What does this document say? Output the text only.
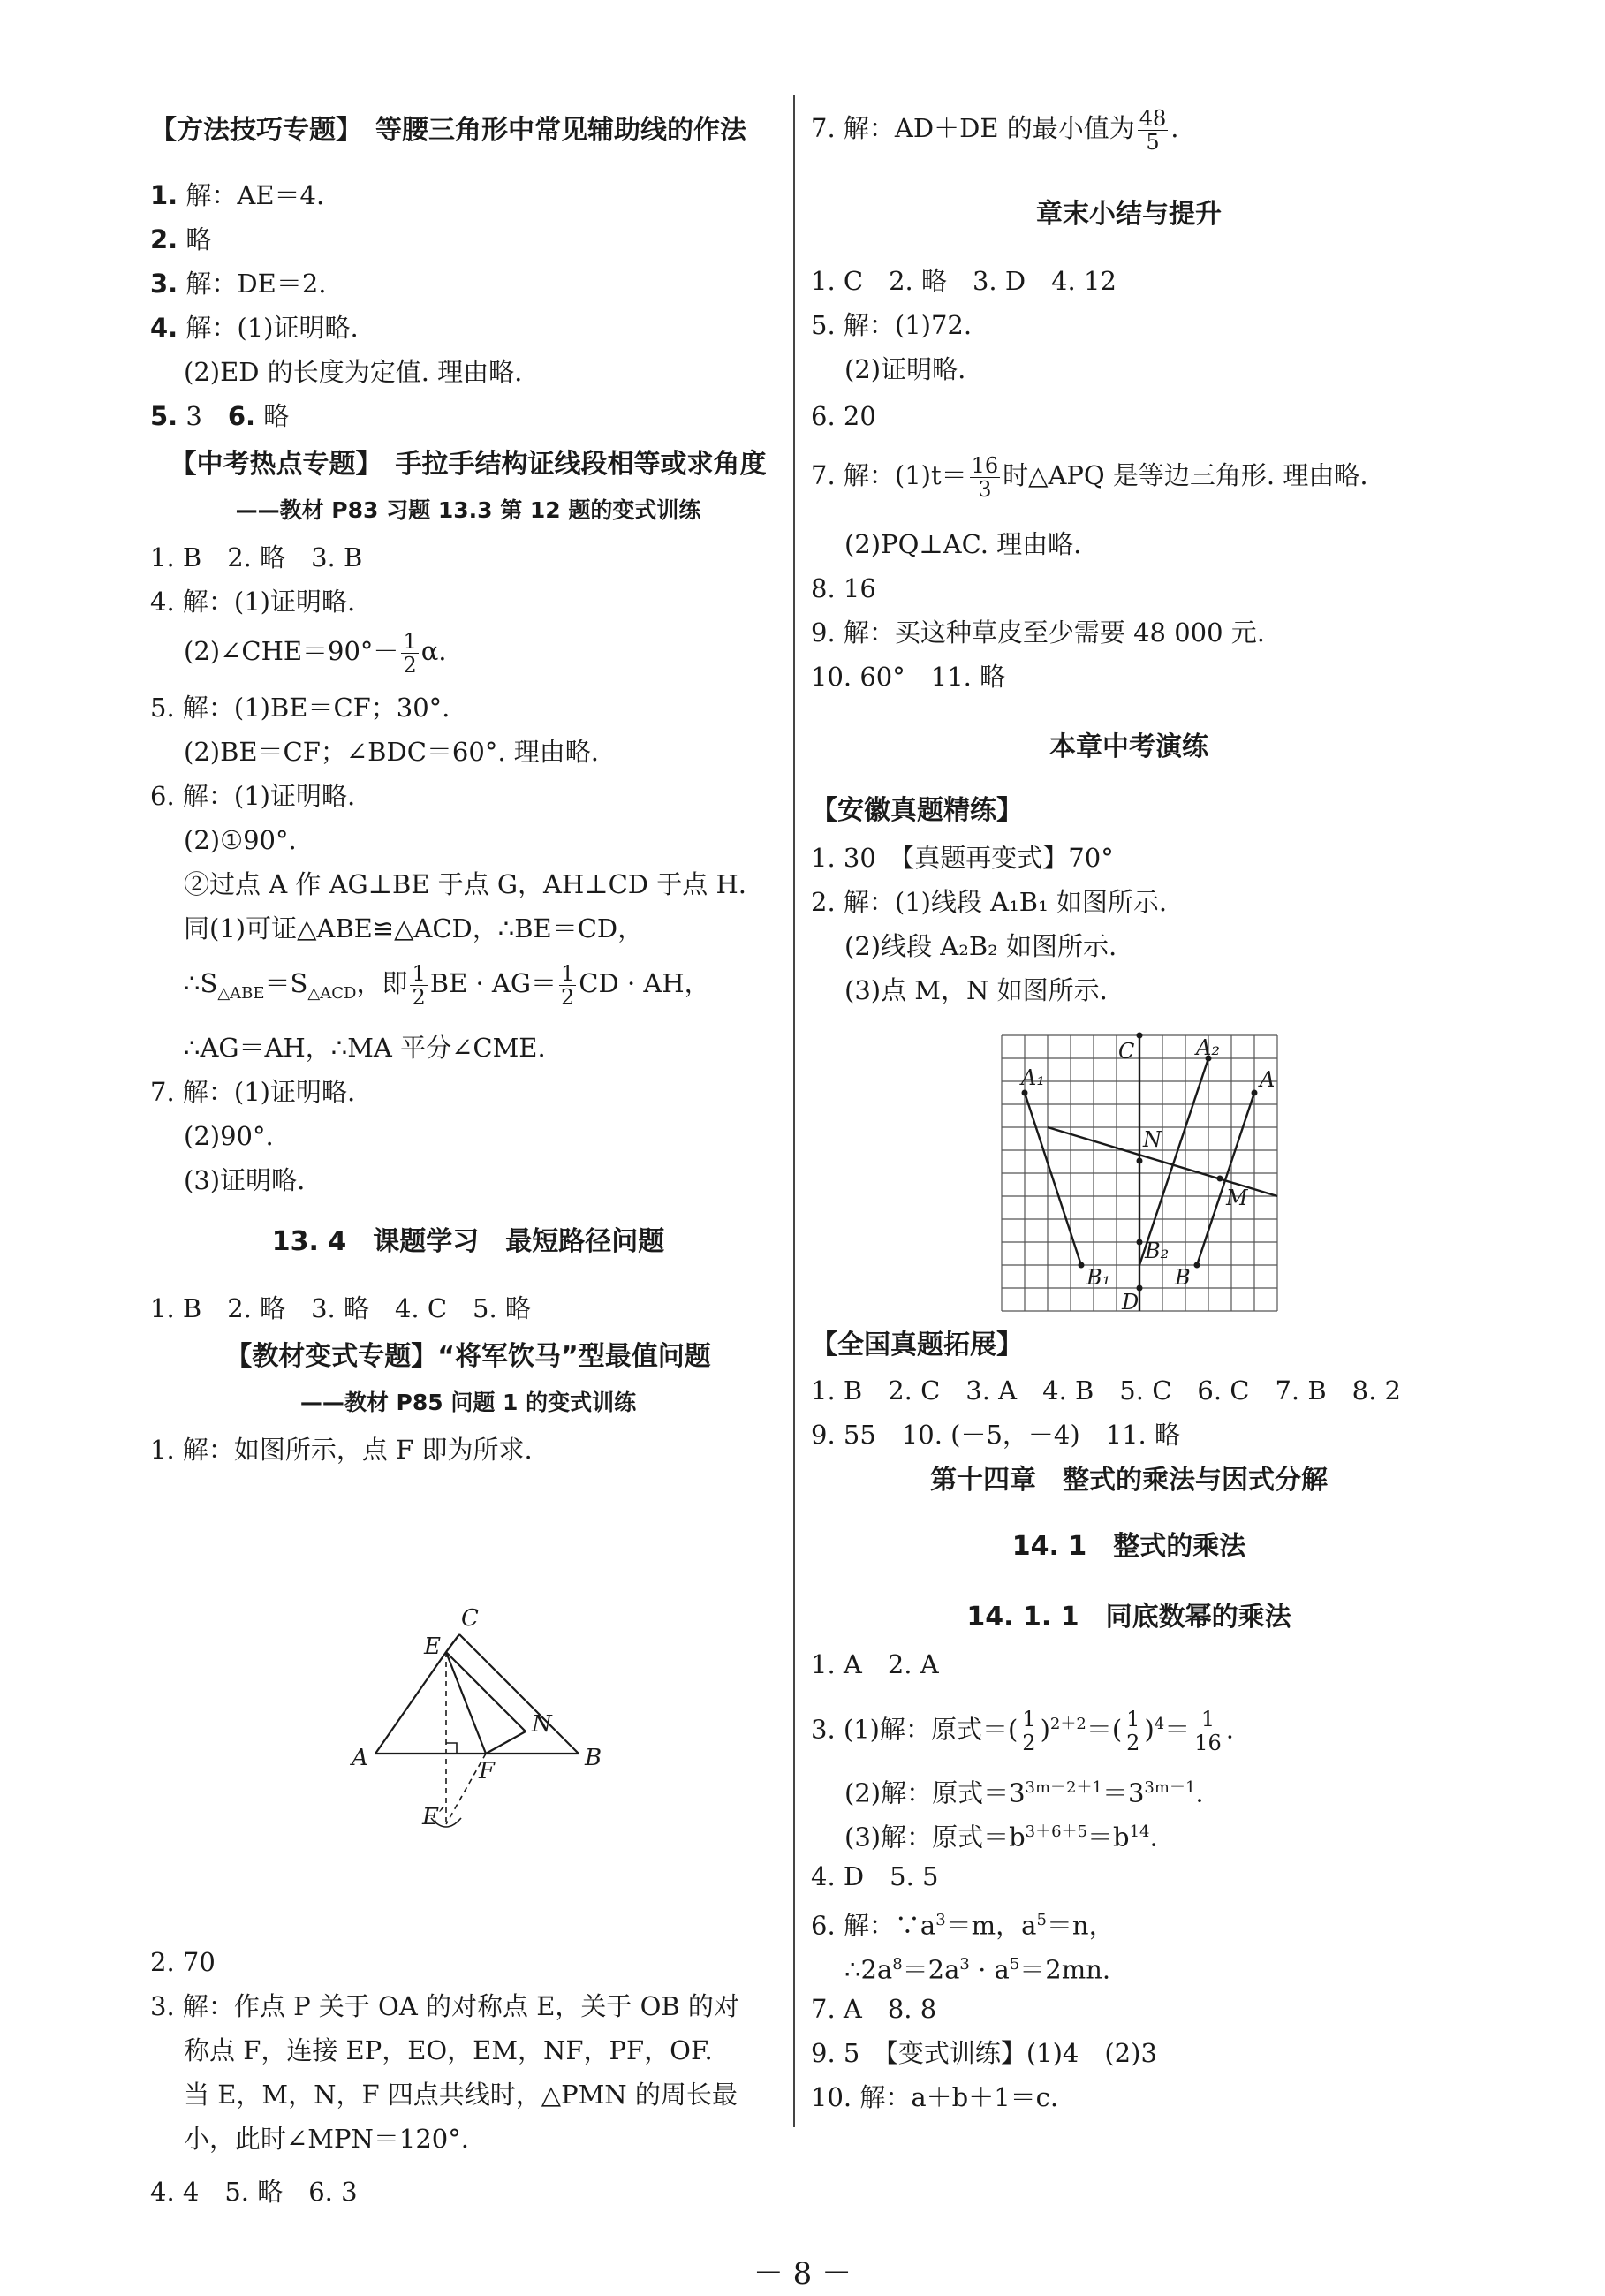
【方法技巧专题】　等腰三角形中常见辅助线的作法
1. 解：AE＝4.
2. 略
3. 解：DE＝2.
4. 解：(1)证明略.
(2)ED 的长度为定值. 理由略.
5. 3　6. 略
【中考热点专题】　手拉手结构证线段相等或求角度
——教材 P83 习题 13.3 第 12 题的变式训练
1. B　2. 略　3. B
4. 解：(1)证明略.
(2)∠CHE＝90°－ $\frac{1}{2} \alpha$.
5. 解：(1)BE＝CF；30°.
(2)BE＝CF；∠BDC＝60°. 理由略.
6. 解：(1)证明略.
(2)①90°.
②过点 A 作 AG⊥BE 于点 G，AH⊥CD 于点 H.
同(1)可证△ABE≌△ACD，∴BE＝CD，
$\therefore S_{\triangle ABE}=S_{\triangle ACD}$，即 $\frac{1}{2}$ BE · $AG= \frac{1}{2}$ CD · AH，
∴AG＝AH，∴MA 平分∠CME.
7. 解：(1)证明略.
(2)90°.
(3)证明略.
13. 4　课题学习　最短路径问题
1. B　2. 略　3. 略　4. C　5. 略
【教材变式专题】“将军饮马”型最值问题
——教材 P85 问题 1 的变式训练
1. 解：如图所示，点 F 即为所求.
C
E
N
A	F	B
E′
2. 70
3. 解：作点 P 关于 OA 的对称点 E，关于 OB 的对
称点 F，连接 EP，EO，EM，NF，PF，OF.
当 E，M，N，F 四点共线时，△PMN 的周长最
小，此时∠MPN＝120°.
4. 4　5. 略　6. 3
7. 解：AD＋DE 的最小值为 $\frac{48}{5}$ .
章末小结与提升
1. C　2. 略　3. D　4. 12
5. 解：(1)72.
(2)证明略.
6. 20
7. 解：$(1)t= \frac{16}{3}$ 时△APQ 是等边三角形. 理由略.
(2)PQ⊥AC. 理由略.
8. 16
9. 解：买这种草皮至少需要 48 000 元.
10. 60°　11. 略
本章中考演练
【安徽真题精练】
1. 30　【真题再变式】70°
2. 解：(1)线段 A₁B₁ 如图所示.
(2)线段 A₂B₂ 如图所示.
(3)点 M，N 如图所示.
C	A₂
A₁	A
N
M
B₂
B₁	B
D
【全国真题拓展】
1. B　2. C　3. A　4. B　5. C　6. C　7. B　8. 2
9. 55　10. (－5，－4)　11. 略
第十四章　整式的乘法与因式分解
14. 1　整式的乘法
14. 1. 1　同底数幂的乘法
1. A　2. A
3. (1)解：原式＝( $\frac{1}{2} )^{2+2}=( \frac{1}{2} )^4= \frac{1}{16}$ .
(2)解：原式$=3^{3m-2+1}=3^{3m-1}$.
(3)解：原式$=b^{3+6+5}=b^{14}$.
4. D　5. 5
6. 解：$\because a^3=m$，$a^5=n$，
$\therefore 2a^8=2a^3 \cdot a^5=2mn$.
7. A　8. 8
9. 5　【变式训练】(1)4　(2)3
10. 解：a＋b＋1＝c.
－ 8 －
